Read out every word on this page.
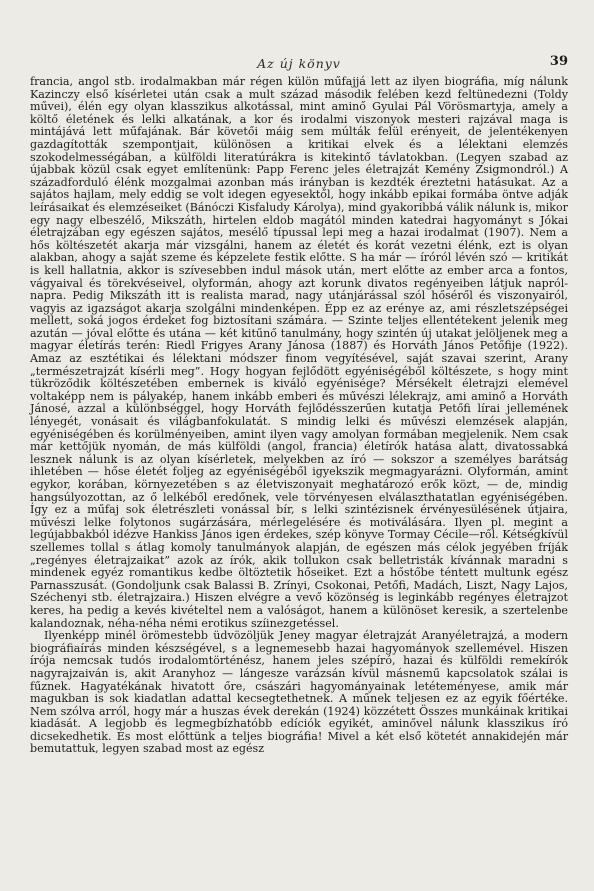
Az új könyv	39

francia, angol stb. irodalmakban már régen külön műfajjá lett az ilyen biográfia, míg nálunk Kazinczy első kísérletei után csak a mult század második felében kezd feltünedezni (Toldy művei), élén egy olyan klasszikus alkotással, mint aminő Gyulai Pál Vörösmartyja, amely a költő életének és lelki alkatának, a kor és irodalmi viszonyok mesteri rajzával maga is mintájává lett műfajának. Bár követői máig sem múlták felül erényeit, de jelentékenyen gazdagították szempontjait, különösen a kritikai elvek és a lélektani elemzés szokodelmességában, a külföldi literatúrákra is kitekintő távlatokban. (Legyen szabad az újabbak közül csak egyet említenünk: Papp Ferenc jeles életrajzát Kemény Zsigmondról.) A századforduló élénk mozgalmai azonban más irányban is kezdték éreztetni hatásukat. Az a sajátos hajlam, mely eddig se volt idegen egyesektől, hogy inkább epikai formába öntve adják leírásaikat és elemzéseiket (Bánóczi Kisfaludy Károlya), mind gyakoribbá válik nálunk is, mikor egy nagy elbeszélő, Mikszáth, hirtelen eldob magától minden katedrai hagyományt s Jókai életrajzában egy egészen sajátos, mesélő típussal lepi meg a hazai irodalmat (1907). Nem a hős költészetét akarja már vizsgálni, hanem az életét és korát vezetni élénk, ezt is olyan alakban, ahogy a saját szeme és képzelete festik előtte. S ha már — íróról lévén szó — kritikát is kell hallatnia, akkor is szívesebben indul mások után, mert előtte az ember arca a fontos, vágyaival és törekvéseivel, olyformán, ahogy azt korunk divatos regényeiben látjuk napról-napra. Pedig Mikszáth itt is realista marad, nagy utánjárással szól hőséről és viszonyairól, vagyis az igazságot akarja szolgálni mindenképen. Épp ez az erénye az, ami részletszépségei mellett, soká jogos érdeket fog biztosítani számára. — Szinte teljes ellentétekent jelenik meg azután — jóval előtte és utána — két kitűnő tanulmány, hogy szintén új utakat jelöljenek meg a magyar életírás terén: Riedl Frigyes Arany Jánosa (1887) és Horváth János Petőfije (1922). Amaz az esztétikai és lélektani módszer finom vegyítésével, saját szavai szerint, Arany „természetrajzát kísérli meg”. Hogy hogyan fejlődött egyéniségéből költészete, s hogy mint tükröződik költészetében embernek is kiváló egyénisége? Mérsékelt életrajzi elemével voltaképp nem is pályakép, hanem inkább emberi és művészi lélekrajz, ami aminő a Horváth Jánosé, azzal a különbséggel, hogy Horváth fejlődésszerűen kutatja Petőfi lírai jellemének lényegét, vonásait és világbanfokulatát. S mindig lelki és művészi elemzések alapján, egyéniségében és korülményeiben, amint ilyen vagy amolyan formában megjelenik. Nem csak már kettőjük nyomán, de más külföldi (angol, francia) életírók hatása alatt, divatossabká lesznek nálunk is az olyan kísérletek, melyekben az író — sokszor a személyes barátság ihletében — hőse életét foljeg az egyéniségéből igyekszik megmagyarázni. Olyformán, amint egykor, korában, környezetében s az életviszonyait meghatározó erők közt, — de, mindig hangsúlyozottan, az ő lelkéből eredőnek, vele törvényesen elválaszthatatlan egyéniségében. Így ez a műfaj sok életrészleti vonással bír, s lelki szintézisnek érvényesülésének útjaira, művészi lelke folytonos sugárzására, mérlegelésére és motiválására. Ilyen pl. megint a legújabbakból idézve Hankiss János igen érdekes, szép könyve Tormay Cécile—ről. Kétségkívül szellemes tollal s átlag komoly tanulmányok alapján, de egészen más célok jegyében fríják „regényes életrajzaikat” azok az írók, akik tollukon csak belletristák kívánnak maradni s mindenek egyéz romantikus kedbe öltöztetik hőseiket. Ezt a hőstőbe téntett multunk egész Parnasszusát. (Gondoljunk csak Balassi B. Zrínyi, Csokonai, Petőfi, Madách, Liszt, Nagy Lajos, Széchenyi stb. életrajzaira.) Hiszen elvégre a vevő közönség is leginkább regényes életrajzot keres, ha pedig a kevés kivételtel nem a valóságot, hanem a különöset keresik, a szertelenbe kalandoznak, néha-néha némi erotikus szíinezgetéssel.

Ilyenképp minél örömestebb üdvözöljük Jeney magyar életrajzát Aranyéletrajzá, a modern biográfiaírás minden készségével, s a legnemesebb hazai hagyományok szellemével. Hiszen írója nemcsak tudós irodalomtörténész, hanem jeles szépíró, hazai és külföldi remekírók nagyrajzaiván is, akit Aranyhoz — lángesze varázsán kívül másnemű kapcsolatok szálai is fűznek. Hagyatékának hivatott őre, császári hagyományainak letéteményese, amik már magukban is sok kiadatlan adattal kecsegtethetnek. A műnek teljesen ez az egyik főértéke. Nem szólva arról, hogy már a huszas évek derekán (1924) közzétett Összes munkáinak kritikai kiadását. A legjobb és legmegbízhatóbb edíciók egyikét, aminővel nálunk klasszikus író dicsekedhetik. És most előttünk a teljes biográfia! Mivel a két első kötetét annakidején már bemutattuk, legyen szabad most az egész
